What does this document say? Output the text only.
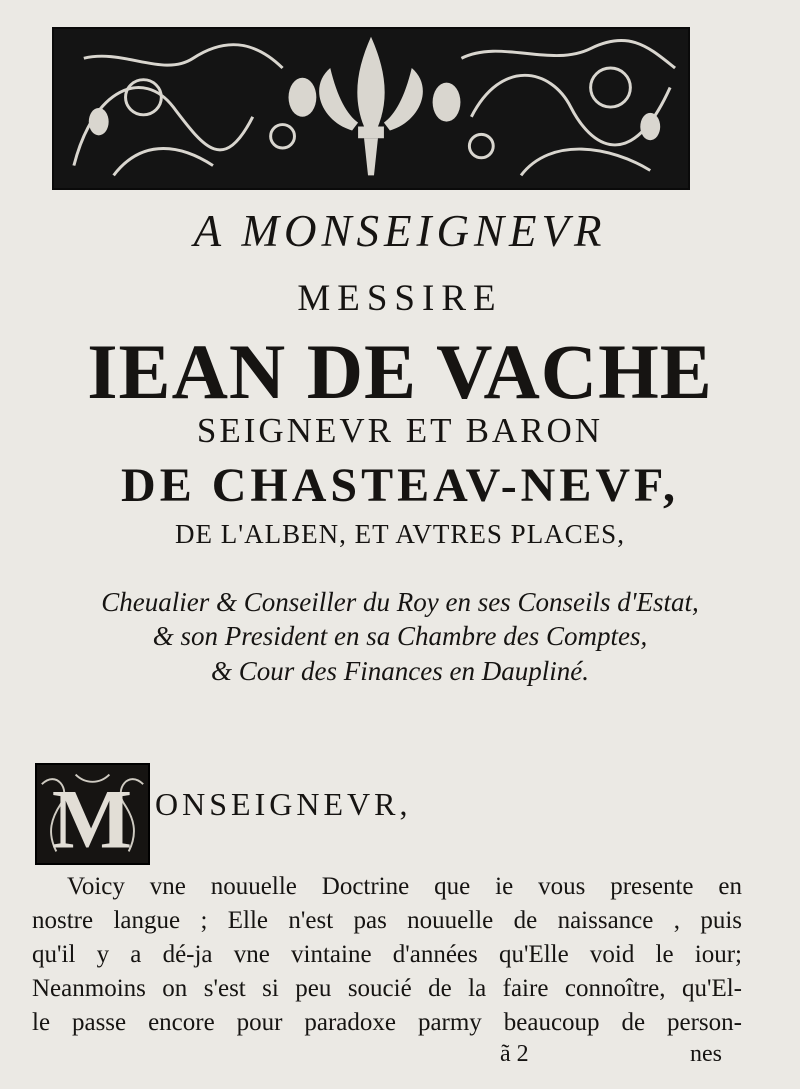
A MONSEIGNEVR
MESSIRE
IEAN DE VACHE
SEIGNEVR ET BARON
DE CHASTEAV-NEVF,
DE L'ALBEN, ET AVTRES PLACES,
Cheualier & Conseiller du Roy en ses Conseils d'Estat,
& son President en sa Chambre des Comptes,
& Cour des Finances en Daupliné.
M ONSEIGNEVR,
Voicy vne nouuelle Doctrine que ie vous presente en
nostre langue ; Elle n'est pas nouuelle de naissance , puis
qu'il y a dé-ja vne vintaine d'années qu'Elle void le iour;
Neanmoins on s'est si peu soucié de la faire connoître, qu'El-
le passe encore pour paradoxe parmy beaucoup de person-
ã 2	nes
